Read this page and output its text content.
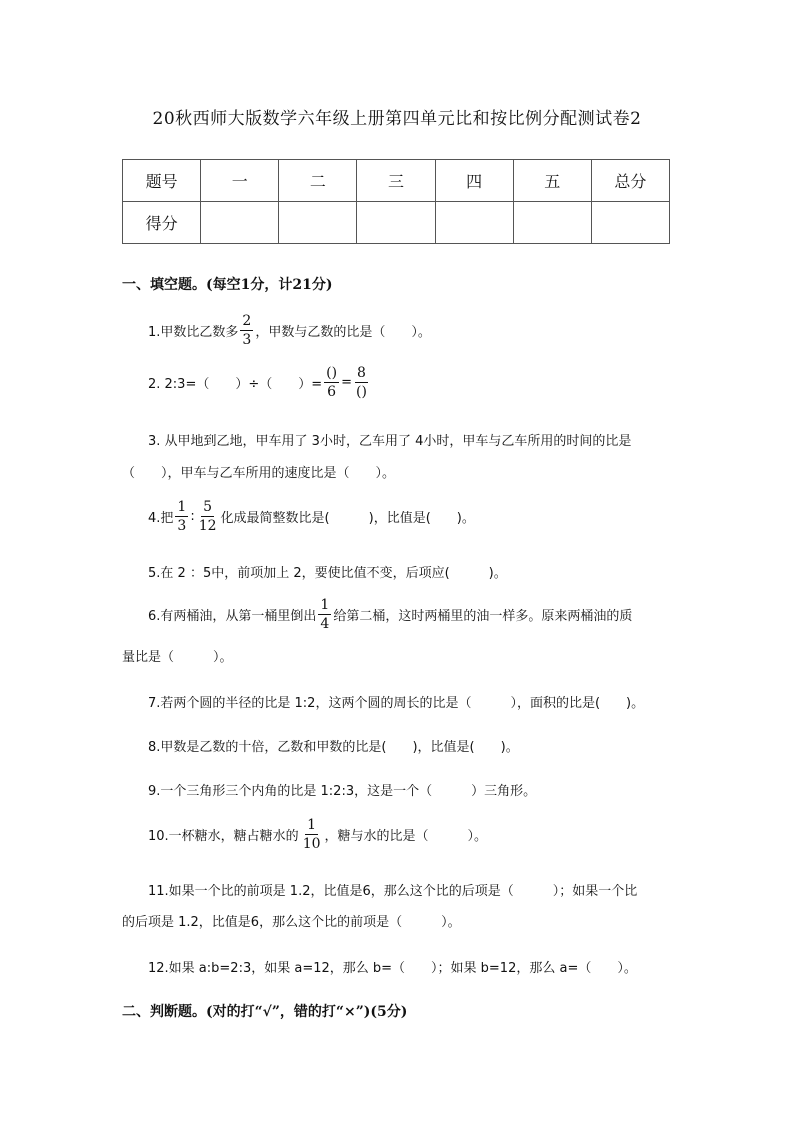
20秋西师大版数学六年级上册第四单元比和按比例分配测试卷2
题号	一	二	三	四	五	总分
得分						
一、填空题。(每空1分，计21分)
1.甲数比乙数多 $\frac{2}{3}$ ，甲数与乙数的比是（　　）。
2. 2:3=（　　）÷（　　）= $\frac{()}{6} = \frac{8}{()}$
3. 从甲地到乙地，甲车用了 3小时，乙车用了 4小时，甲车与乙车所用的时间的比是
（　　），甲车与乙车所用的速度比是（　　）。
4.把 $\frac{1}{3}$ : $\frac{5}{12}$ 化成最简整数比是(　　　)，比值是(　　)。
5.在 2 ：5中，前项加上 2，要使比值不变，后项应(　　　)。
6.有两桶油，从第一桶里倒出 $\frac{1}{4}$ 给第二桶，这时两桶里的油一样多。原来两桶油的质
量比是（　　　）。
7.若两个圆的半径的比是 1:2，这两个圆的周长的比是（　　　），面积的比是(　　)。
8.甲数是乙数的十倍，乙数和甲数的比是(　　)，比值是(　　)。
9.一个三角形三个内角的比是 1:2:3，这是一个（　　　）三角形。
10.一杯糖水，糖占糖水的 $\frac{1}{10}$ ，糖与水的比是（　　　）。
11.如果一个比的前项是 1.2，比值是6，那么这个比的后项是（　　　）；如果一个比
的后项是 1.2，比值是6，那么这个比的前项是（　　　）。
12.如果 a:b=2:3，如果 a=12，那么 b=（　　）；如果 b=12，那么 a=（　　）。
二、判断题。(对的打“√”，错的打“×”)(5分)
